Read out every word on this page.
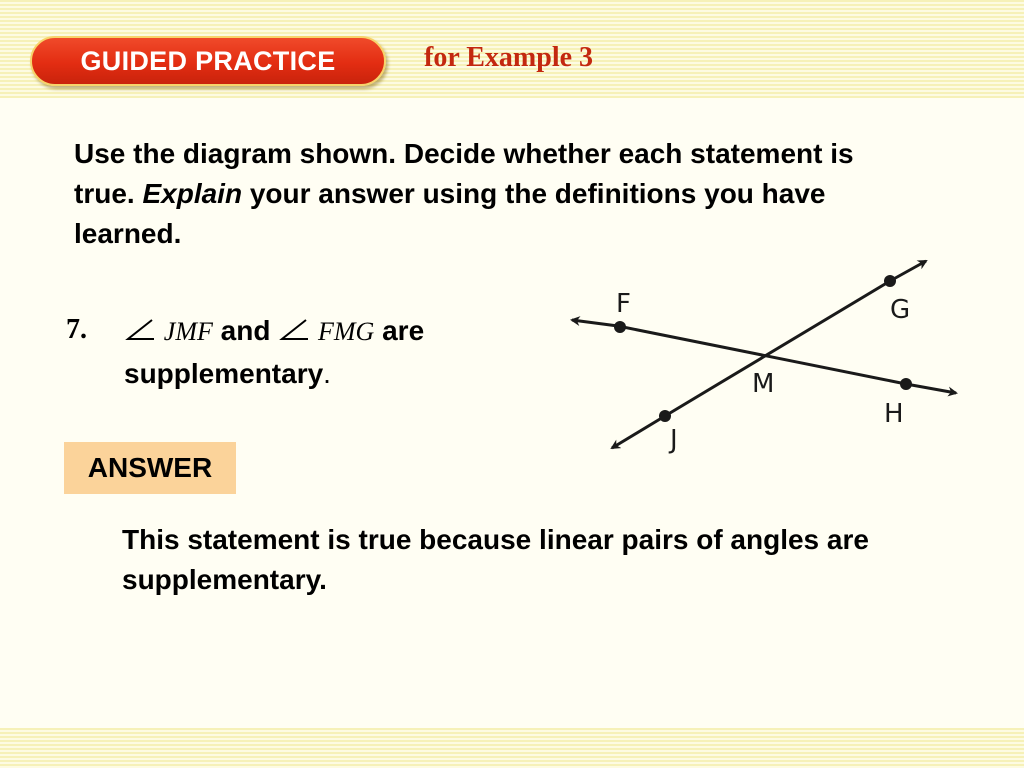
GUIDED PRACTICE	for Example 3
Use the diagram shown. Decide whether each statement is true. Explain your answer using the definitions you have learned.
7.	JMF and FMG are
supplementary.
F	G
M
H
J
ANSWER
This statement is true because linear pairs of angles are supplementary.
